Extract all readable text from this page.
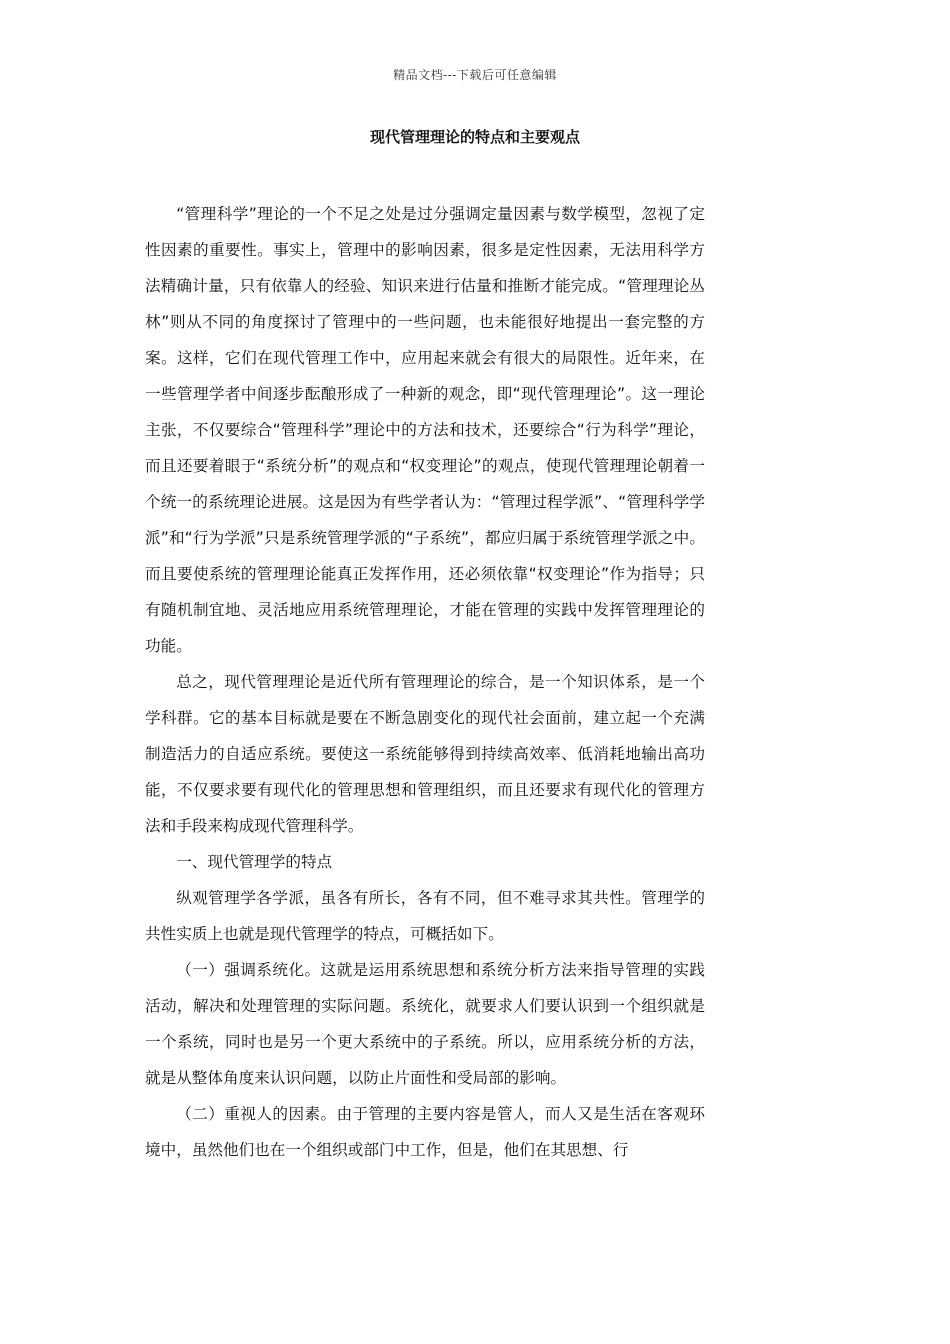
精品文档---下载后可任意编辑
现代管理理论的特点和主要观点

“管理科学”理论的一个不足之处是过分强调定量因素与数学模型，忽视了定性因素的重要性。事实上，管理中的影响因素，很多是定性因素，无法用科学方法精确计量，只有依靠人的经验、知识来进行估量和推断才能完成。“管理理论丛林”则从不同的角度探讨了管理中的一些问题，也未能很好地提出一套完整的方案。这样，它们在现代管理工作中，应用起来就会有很大的局限性。近年来，在一些管理学者中间逐步酝酿形成了一种新的观念，即“现代管理理论”。这一理论主张，不仅要综合“管理科学”理论中的方法和技术，还要综合“行为科学”理论，而且还要着眼于“系统分析”的观点和“权变理论”的观点，使现代管理理论朝着一个统一的系统理论进展。这是因为有些学者认为：“管理过程学派”、“管理科学学派”和“行为学派”只是系统管理学派的“子系统”，都应归属于系统管理学派之中。而且要使系统的管理理论能真正发挥作用，还必须依靠“权变理论”作为指导；只有随机制宜地、灵活地应用系统管理理论，才能在管理的实践中发挥管理理论的功能。

总之，现代管理理论是近代所有管理理论的综合，是一个知识体系，是一个学科群。它的基本目标就是要在不断急剧变化的现代社会面前，建立起一个充满制造活力的自适应系统。要使这一系统能够得到持续高效率、低消耗地输出高功能，不仅要求要有现代化的管理思想和管理组织，而且还要求有现代化的管理方法和手段来构成现代管理科学。

一、现代管理学的特点

纵观管理学各学派，虽各有所长，各有不同，但不难寻求其共性。管理学的共性实质上也就是现代管理学的特点，可概括如下。

（一）强调系统化。这就是运用系统思想和系统分析方法来指导管理的实践活动，解决和处理管理的实际问题。系统化，就要求人们要认识到一个组织就是一个系统，同时也是另一个更大系统中的子系统。所以，应用系统分析的方法，就是从整体角度来认识问题，以防止片面性和受局部的影响。

（二）重视人的因素。由于管理的主要内容是管人，而人又是生活在客观环境中，虽然他们也在一个组织或部门中工作，但是，他们在其思想、行
